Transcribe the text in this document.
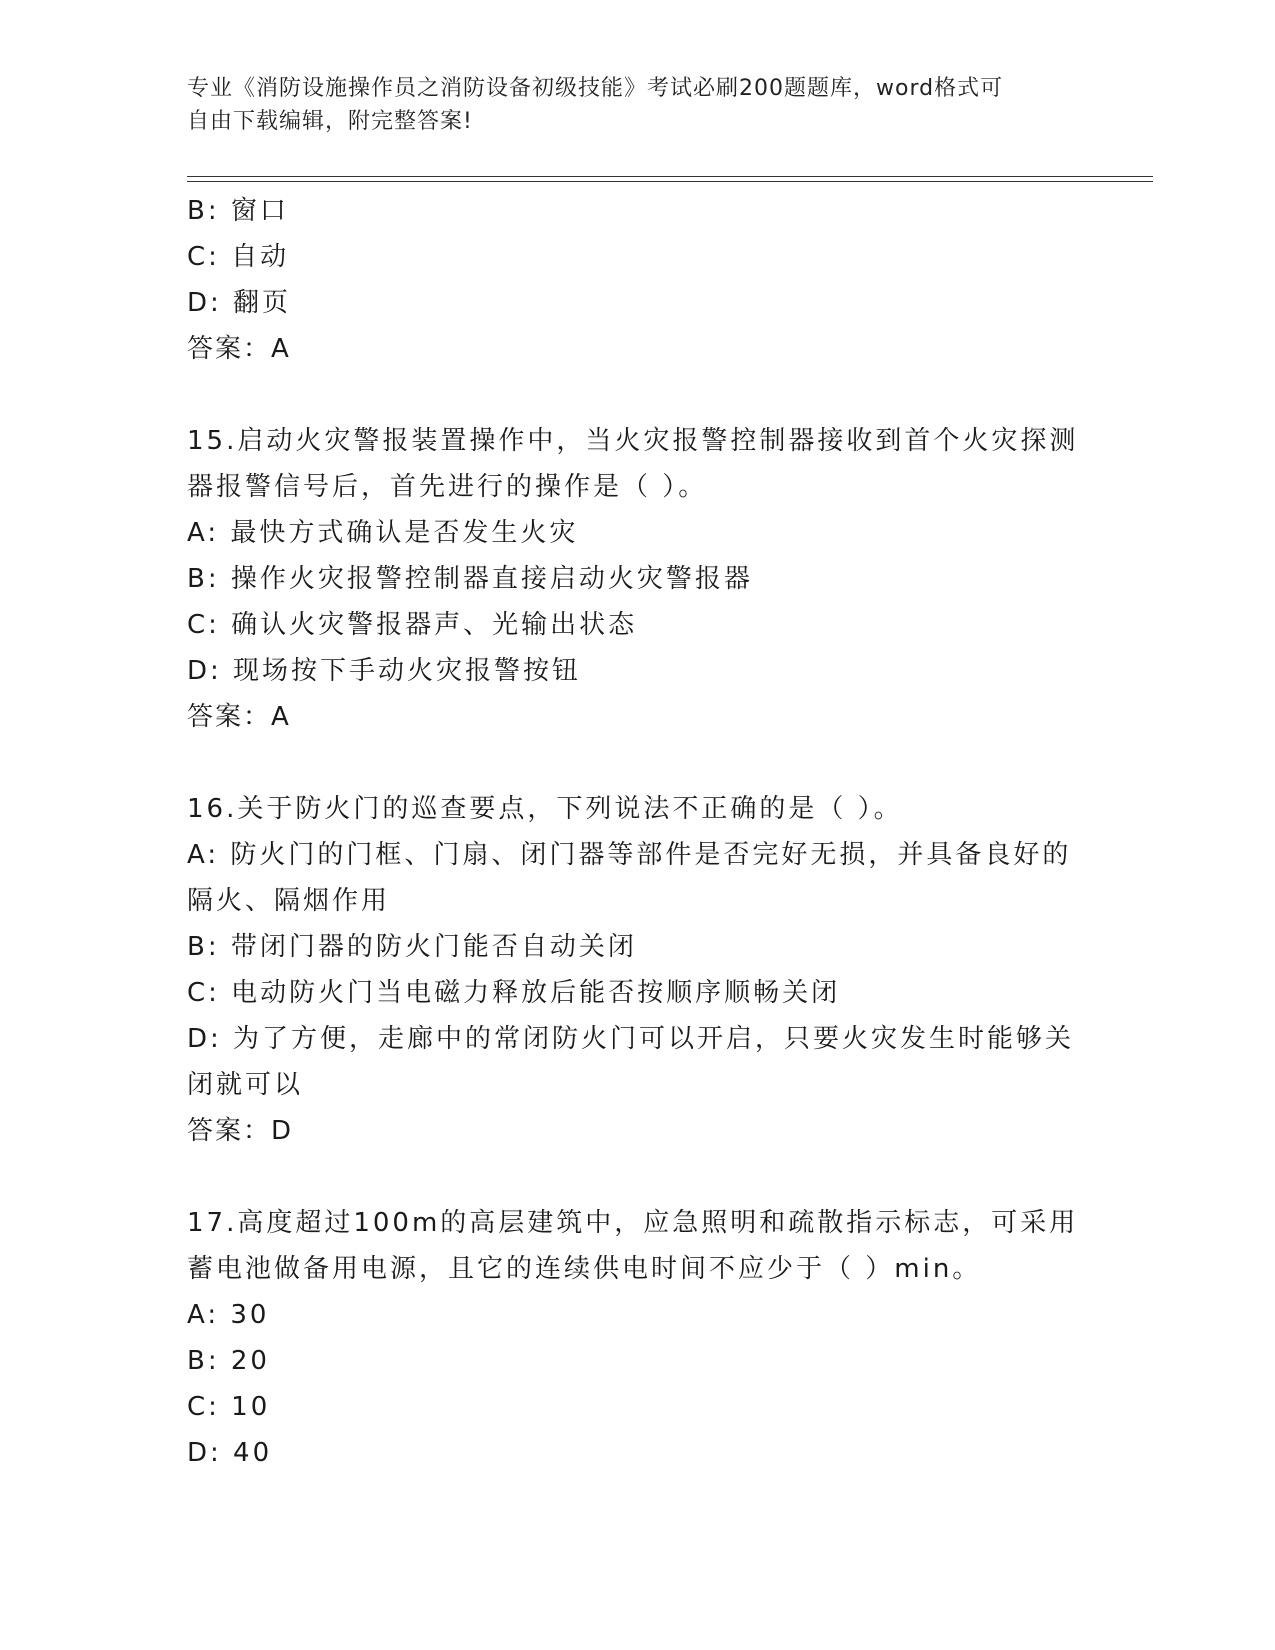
专业《消防设施操作员之消防设备初级技能》考试必刷200题题库，word格式可
自由下载编辑，附完整答案!
B: 窗口
C: 自动
D: 翻页
答案：A
15.启动火灾警报装置操作中，当火灾报警控制器接收到首个火灾探测
器报警信号后，首先进行的操作是（ ）。
A: 最快方式确认是否发生火灾
B: 操作火灾报警控制器直接启动火灾警报器
C: 确认火灾警报器声、光输出状态
D: 现场按下手动火灾报警按钮
答案：A
16.关于防火门的巡查要点，下列说法不正确的是（ ）。
A: 防火门的门框、门扇、闭门器等部件是否完好无损，并具备良好的
隔火、隔烟作用
B: 带闭门器的防火门能否自动关闭
C: 电动防火门当电磁力释放后能否按顺序顺畅关闭
D: 为了方便，走廊中的常闭防火门可以开启，只要火灾发生时能够关
闭就可以
答案：D
17.高度超过100m的高层建筑中，应急照明和疏散指示标志，可采用
蓄电池做备用电源，且它的连续供电时间不应少于（ ）min。
A: 30
B: 20
C: 10
D: 40
